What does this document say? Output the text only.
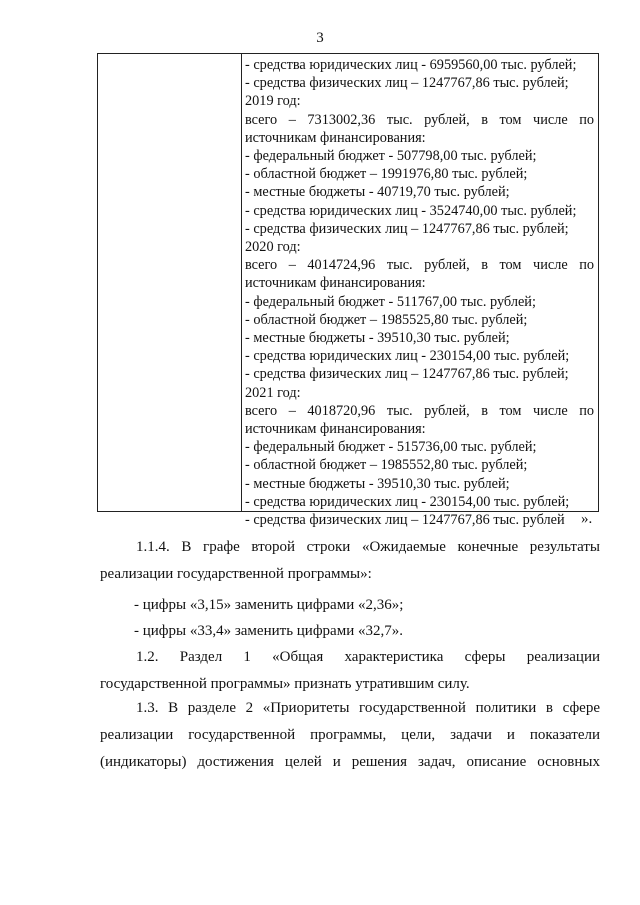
3
- средства юридических лиц - 6959560,00 тыс. рублей;
- средства физических лиц – 1247767,86 тыс. рублей;
2019 год:
всего – 7313002,36 тыс. рублей, в том числе по
источникам финансирования:
- федеральный бюджет - 507798,00 тыс. рублей;
- областной бюджет – 1991976,80 тыс. рублей;
- местные бюджеты - 40719,70 тыс. рублей;
- средства юридических лиц - 3524740,00 тыс. рублей;
- средства физических лиц – 1247767,86 тыс. рублей;
2020 год:
всего – 4014724,96 тыс. рублей, в том числе по
источникам финансирования:
- федеральный бюджет - 511767,00 тыс. рублей;
- областной бюджет – 1985525,80 тыс. рублей;
- местные бюджеты - 39510,30 тыс. рублей;
- средства юридических лиц - 230154,00 тыс. рублей;
- средства физических лиц – 1247767,86 тыс. рублей;
2021 год:
всего – 4018720,96 тыс. рублей, в том числе по
источникам финансирования:
- федеральный бюджет - 515736,00 тыс. рублей;
- областной бюджет – 1985552,80 тыс. рублей;
- местные бюджеты - 39510,30 тыс. рублей;
- средства юридических лиц - 230154,00 тыс. рублей;
- средства физических лиц – 1247767,86 тыс. рублей	».
1.1.4. В графе второй строки «Ожидаемые конечные результаты
реализации государственной программы»:
- цифры «3,15» заменить цифрами «2,36»;
- цифры «33,4» заменить цифрами «32,7».
1.2. Раздел 1 «Общая характеристика сферы реализации
государственной программы» признать утратившим силу.
1.3. В разделе 2 «Приоритеты государственной политики в сфере
реализации государственной программы, цели, задачи и показатели
(индикаторы) достижения целей и решения задач, описание основных
